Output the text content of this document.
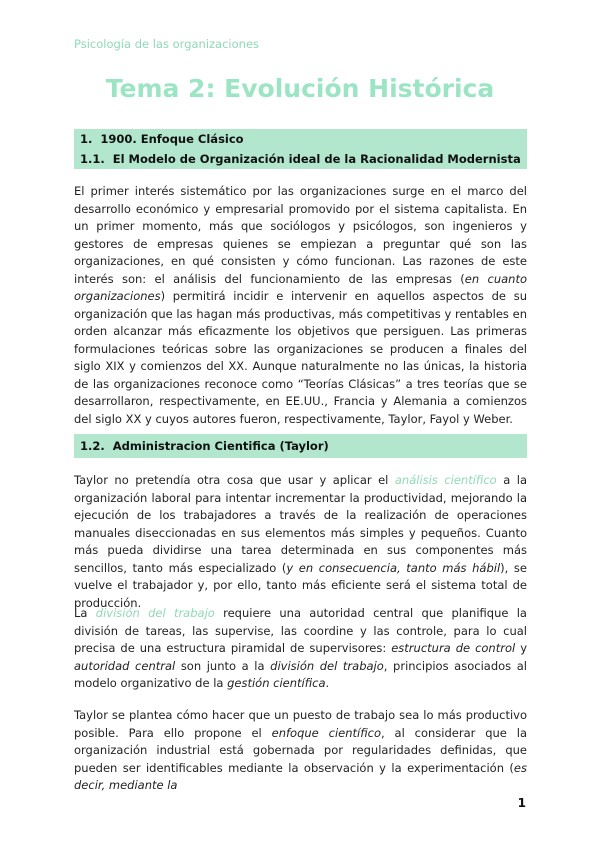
Psicología de las organizaciones
Tema 2: Evolución Histórica
1. 1900. Enfoque Clásico
1.1. El Modelo de Organización ideal de la Racionalidad Modernista

El primer interés sistemático por las organizaciones surge en el marco del desarrollo económico y empresarial promovido por el sistema capitalista. En un primer momento, más que sociólogos y psicólogos, son ingenieros y gestores de empresas quienes se empiezan a preguntar qué son las organizaciones, en qué consisten y cómo funcionan. Las razones de este interés son: el análisis del funcionamiento de las empresas (en cuanto organizaciones) permitirá incidir e intervenir en aquellos aspectos de su organización que las hagan más productivas, más competitivas y rentables en orden alcanzar más eficazmente los objetivos que persiguen. Las primeras formulaciones teóricas sobre las organizaciones se producen a finales del siglo XIX y comienzos del XX. Aunque naturalmente no las únicas, la historia de las organizaciones reconoce como “Teorías Clásicas” a tres teorías que se desarrollaron, respectivamente, en EE.UU., Francia y Alemania a comienzos del siglo XX y cuyos autores fueron, respectivamente, Taylor, Fayol y Weber.

1.2. Administracion Cientifica (Taylor)

Taylor no pretendía otra cosa que usar y aplicar el análisis científico a la organización laboral para intentar incrementar la productividad, mejorando la ejecución de los trabajadores a través de la realización de operaciones manuales diseccionadas en sus elementos más simples y pequeños. Cuanto más pueda dividirse una tarea determinada en sus componentes más sencillos, tanto más especializado (y en consecuencia, tanto más hábil), se vuelve el trabajador y, por ello, tanto más eficiente será el sistema total de producción.

La división del trabajo requiere una autoridad central que planifique la división de tareas, las supervise, las coordine y las controle, para lo cual precisa de una estructura piramidal de supervisores: estructura de control y autoridad central son junto a la división del trabajo, principios asociados al modelo organizativo de la gestión científica.

Taylor se plantea cómo hacer que un puesto de trabajo sea lo más productivo posible. Para ello propone el enfoque científico, al considerar que la organización industrial está gobernada por regularidades definidas, que pueden ser identificables mediante la observación y la experimentación (es decir, mediante la

1
